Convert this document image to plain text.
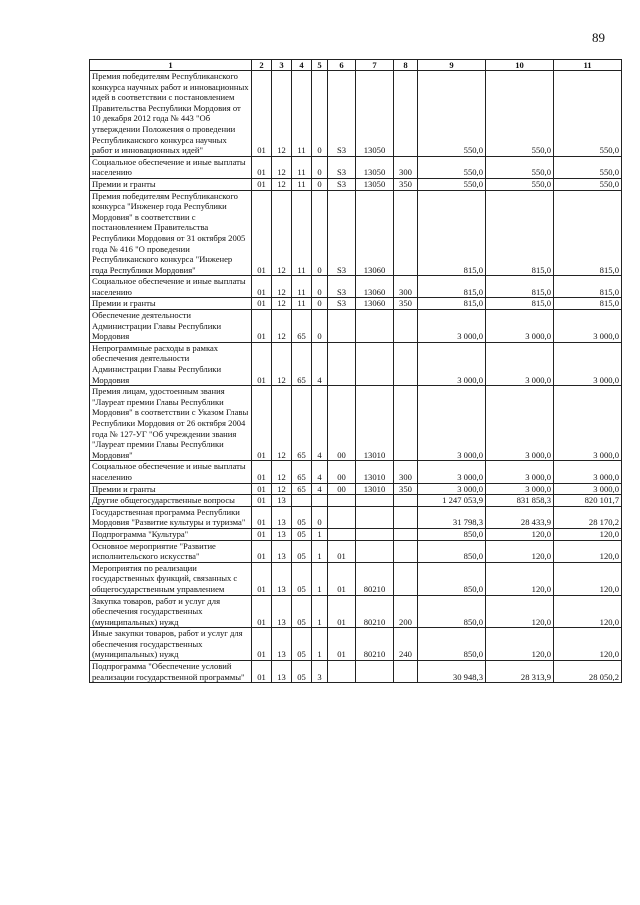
89
1	2	3	4	5	6	7	8	9	10	11
Премия победителям Республиканского конкурса научных работ и инновационных идей в соответствии с постановлением Правительства Республики Мордовия от 10 декабря 2012 года № 443 "Об утверждении Положения о проведении Республиканского конкурса научных работ и инновационных идей"	01	12	11	0	S3	13050		550,0	550,0	550,0
Социальное обеспечение и иные выплаты населению	01	12	11	0	S3	13050	300	550,0	550,0	550,0
Премии и гранты	01	12	11	0	S3	13050	350	550,0	550,0	550,0
Премия победителям Республиканского конкурса "Инженер года Республики Мордовия" в соответствии с постановлением Правительства Республики Мордовия от 31 октября 2005 года № 416 "О проведении Республиканского конкурса "Инженер года Республики Мордовия"	01	12	11	0	S3	13060		815,0	815,0	815,0
Социальное обеспечение и иные выплаты населению	01	12	11	0	S3	13060	300	815,0	815,0	815,0
Премии и гранты	01	12	11	0	S3	13060	350	815,0	815,0	815,0
Обеспечение деятельности Администрации Главы Республики Мордовия	01	12	65	0				3 000,0	3 000,0	3 000,0
Непрограммные расходы в рамках обеспечения деятельности Администрации Главы Республики Мордовия	01	12	65	4				3 000,0	3 000,0	3 000,0
Премия лицам, удостоенным звания "Лауреат премии Главы Республики Мордовия" в соответствии с Указом Главы Республики Мордовия от 26 октября 2004 года № 127-УГ "Об учреждении звания "Лауреат премии Главы Республики Мордовия"	01	12	65	4	00	13010		3 000,0	3 000,0	3 000,0
Социальное обеспечение и иные выплаты населению	01	12	65	4	00	13010	300	3 000,0	3 000,0	3 000,0
Премии и гранты	01	12	65	4	00	13010	350	3 000,0	3 000,0	3 000,0
Другие общегосударственные вопросы	01	13						1 247 053,9	831 858,3	820 101,7
Государственная программа Республики Мордовия "Развитие культуры и туризма"	01	13	05	0				31 798,3	28 433,9	28 170,2
Подпрограмма "Культура"	01	13	05	1				850,0	120,0	120,0
Основное мероприятие "Развитие исполнительского искусства"	01	13	05	1	01			850,0	120,0	120,0
Мероприятия по реализации государственных функций, связанных с общегосударственным управлением	01	13	05	1	01	80210		850,0	120,0	120,0
Закупка товаров, работ и услуг для обеспечения государственных (муниципальных) нужд	01	13	05	1	01	80210	200	850,0	120,0	120,0
Иные закупки товаров, работ и услуг для обеспечения государственных (муниципальных) нужд	01	13	05	1	01	80210	240	850,0	120,0	120,0
Подпрограмма "Обеспечение условий реализации государственной программы"	01	13	05	3				30 948,3	28 313,9	28 050,2
